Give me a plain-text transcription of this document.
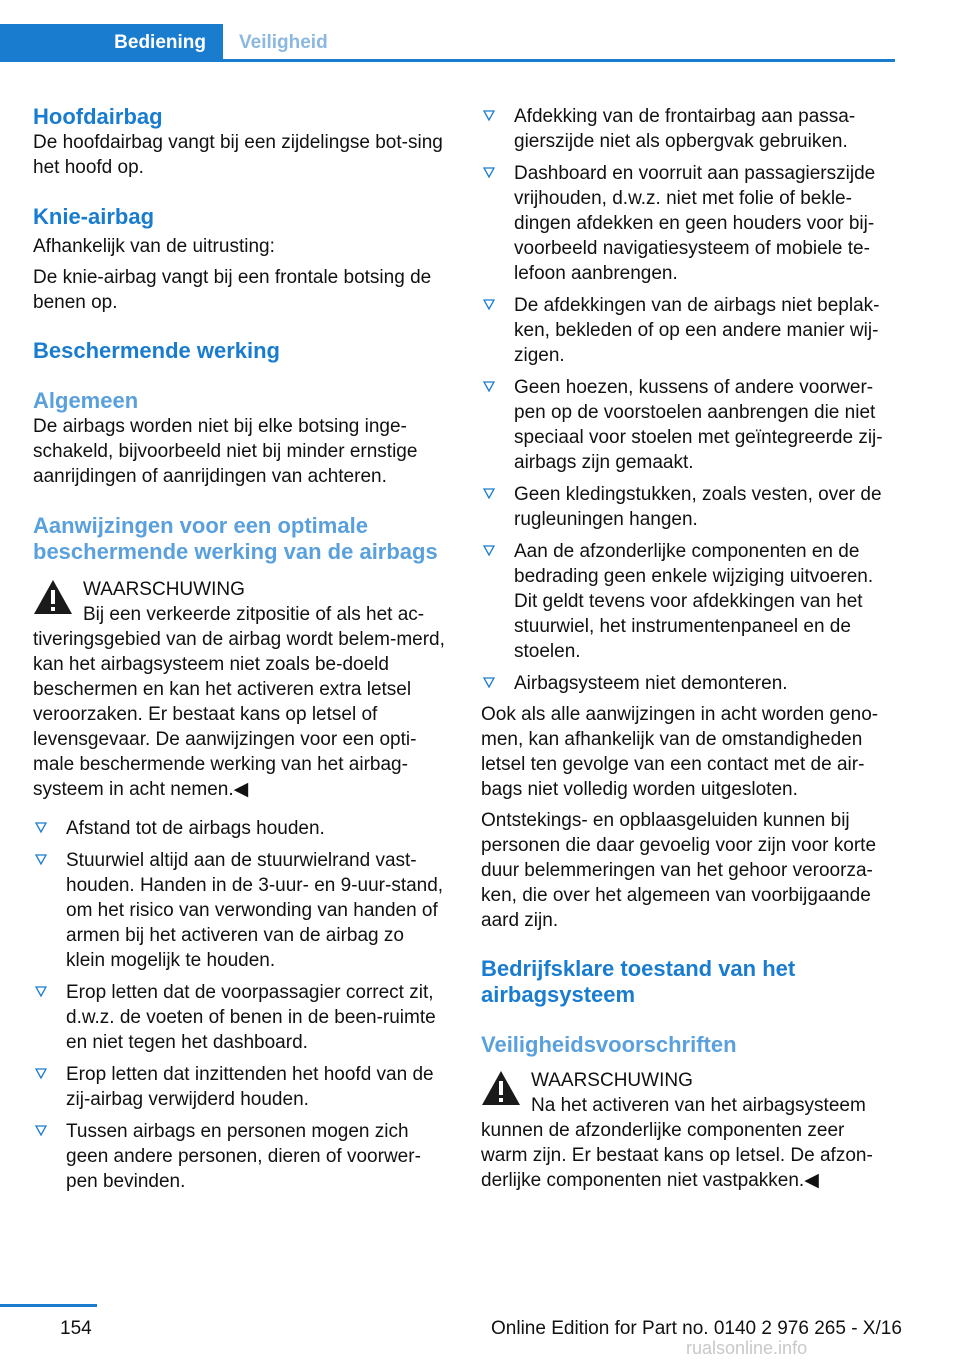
Bediening	Veiligheid
Hoofdairbag

De hoofdairbag vangt bij een zijdelingse bot-sing het hoofd op.

Knie-airbag

Afhankelijk van de uitrusting:

De knie-airbag vangt bij een frontale botsing de benen op.

Beschermende werking
Algemeen

De airbags worden niet bij elke botsing inge-schakeld, bijvoorbeeld niet bij minder ernstige aanrijdingen of aanrijdingen van achteren.

Aanwijzingen voor een optimale beschermende werking van de airbags
WAARSCHUWING
Bij een verkeerde zitpositie of als het ac-

tiveringsgebied van de airbag wordt belem-merd, kan het airbagsysteem niet zoals be-doeld beschermen en kan het activeren extra letsel veroorzaken. Er bestaat kans op letsel of levensgevaar. De aanwijzingen voor een opti-male beschermende werking van het airbag-systeem in acht nemen.◀

Afstand tot de airbags houden.
Stuurwiel altijd aan de stuurwielrand vast-houden. Handen in de 3-uur- en 9-uur-stand, om het risico van verwonding van handen of armen bij het activeren van de airbag zo klein mogelijk te houden.
Erop letten dat de voorpassagier correct zit, d.w.z. de voeten of benen in de been-ruimte en niet tegen het dashboard.
Erop letten dat inzittenden het hoofd van de zij-airbag verwijderd houden.
Tussen airbags en personen mogen zich geen andere personen, dieren of voorwer-pen bevinden.
Afdekking van de frontairbag aan passa-gierszijde niet als opbergvak gebruiken.
Dashboard en voorruit aan passagierszijde vrijhouden, d.w.z. niet met folie of bekle-dingen afdekken en geen houders voor bij-voorbeeld navigatiesysteem of mobiele te-lefoon aanbrengen.
De afdekkingen van de airbags niet beplak-ken, bekleden of op een andere manier wij-zigen.
Geen hoezen, kussens of andere voorwer-pen op de voorstoelen aanbrengen die niet speciaal voor stoelen met geïntegreerde zij-airbags zijn gemaakt.
Geen kledingstukken, zoals vesten, over de rugleuningen hangen.
Aan de afzonderlijke componenten en de bedrading geen enkele wijziging uitvoeren. Dit geldt tevens voor afdekkingen van het stuurwiel, het instrumentenpaneel en de stoelen.
Airbagsysteem niet demonteren.

Ook als alle aanwijzingen in acht worden geno-men, kan afhankelijk van de omstandigheden letsel ten gevolge van een contact met de air-bags niet volledig worden uitgesloten.

Ontstekings- en opblaasgeluiden kunnen bij personen die daar gevoelig voor zijn voor korte duur belemmeringen van het gehoor veroorza-ken, die over het algemeen van voorbijgaande aard zijn.

Bedrijfsklare toestand van het airbagsysteem
Veiligheidsvoorschriften
WAARSCHUWING
Na het activeren van het airbagsysteem

kunnen de afzonderlijke componenten zeer warm zijn. Er bestaat kans op letsel. De afzon-derlijke componenten niet vastpakken.◀

154	Online Edition for Part no. 0140 2 976 265 - X/16
rualsonline.info
